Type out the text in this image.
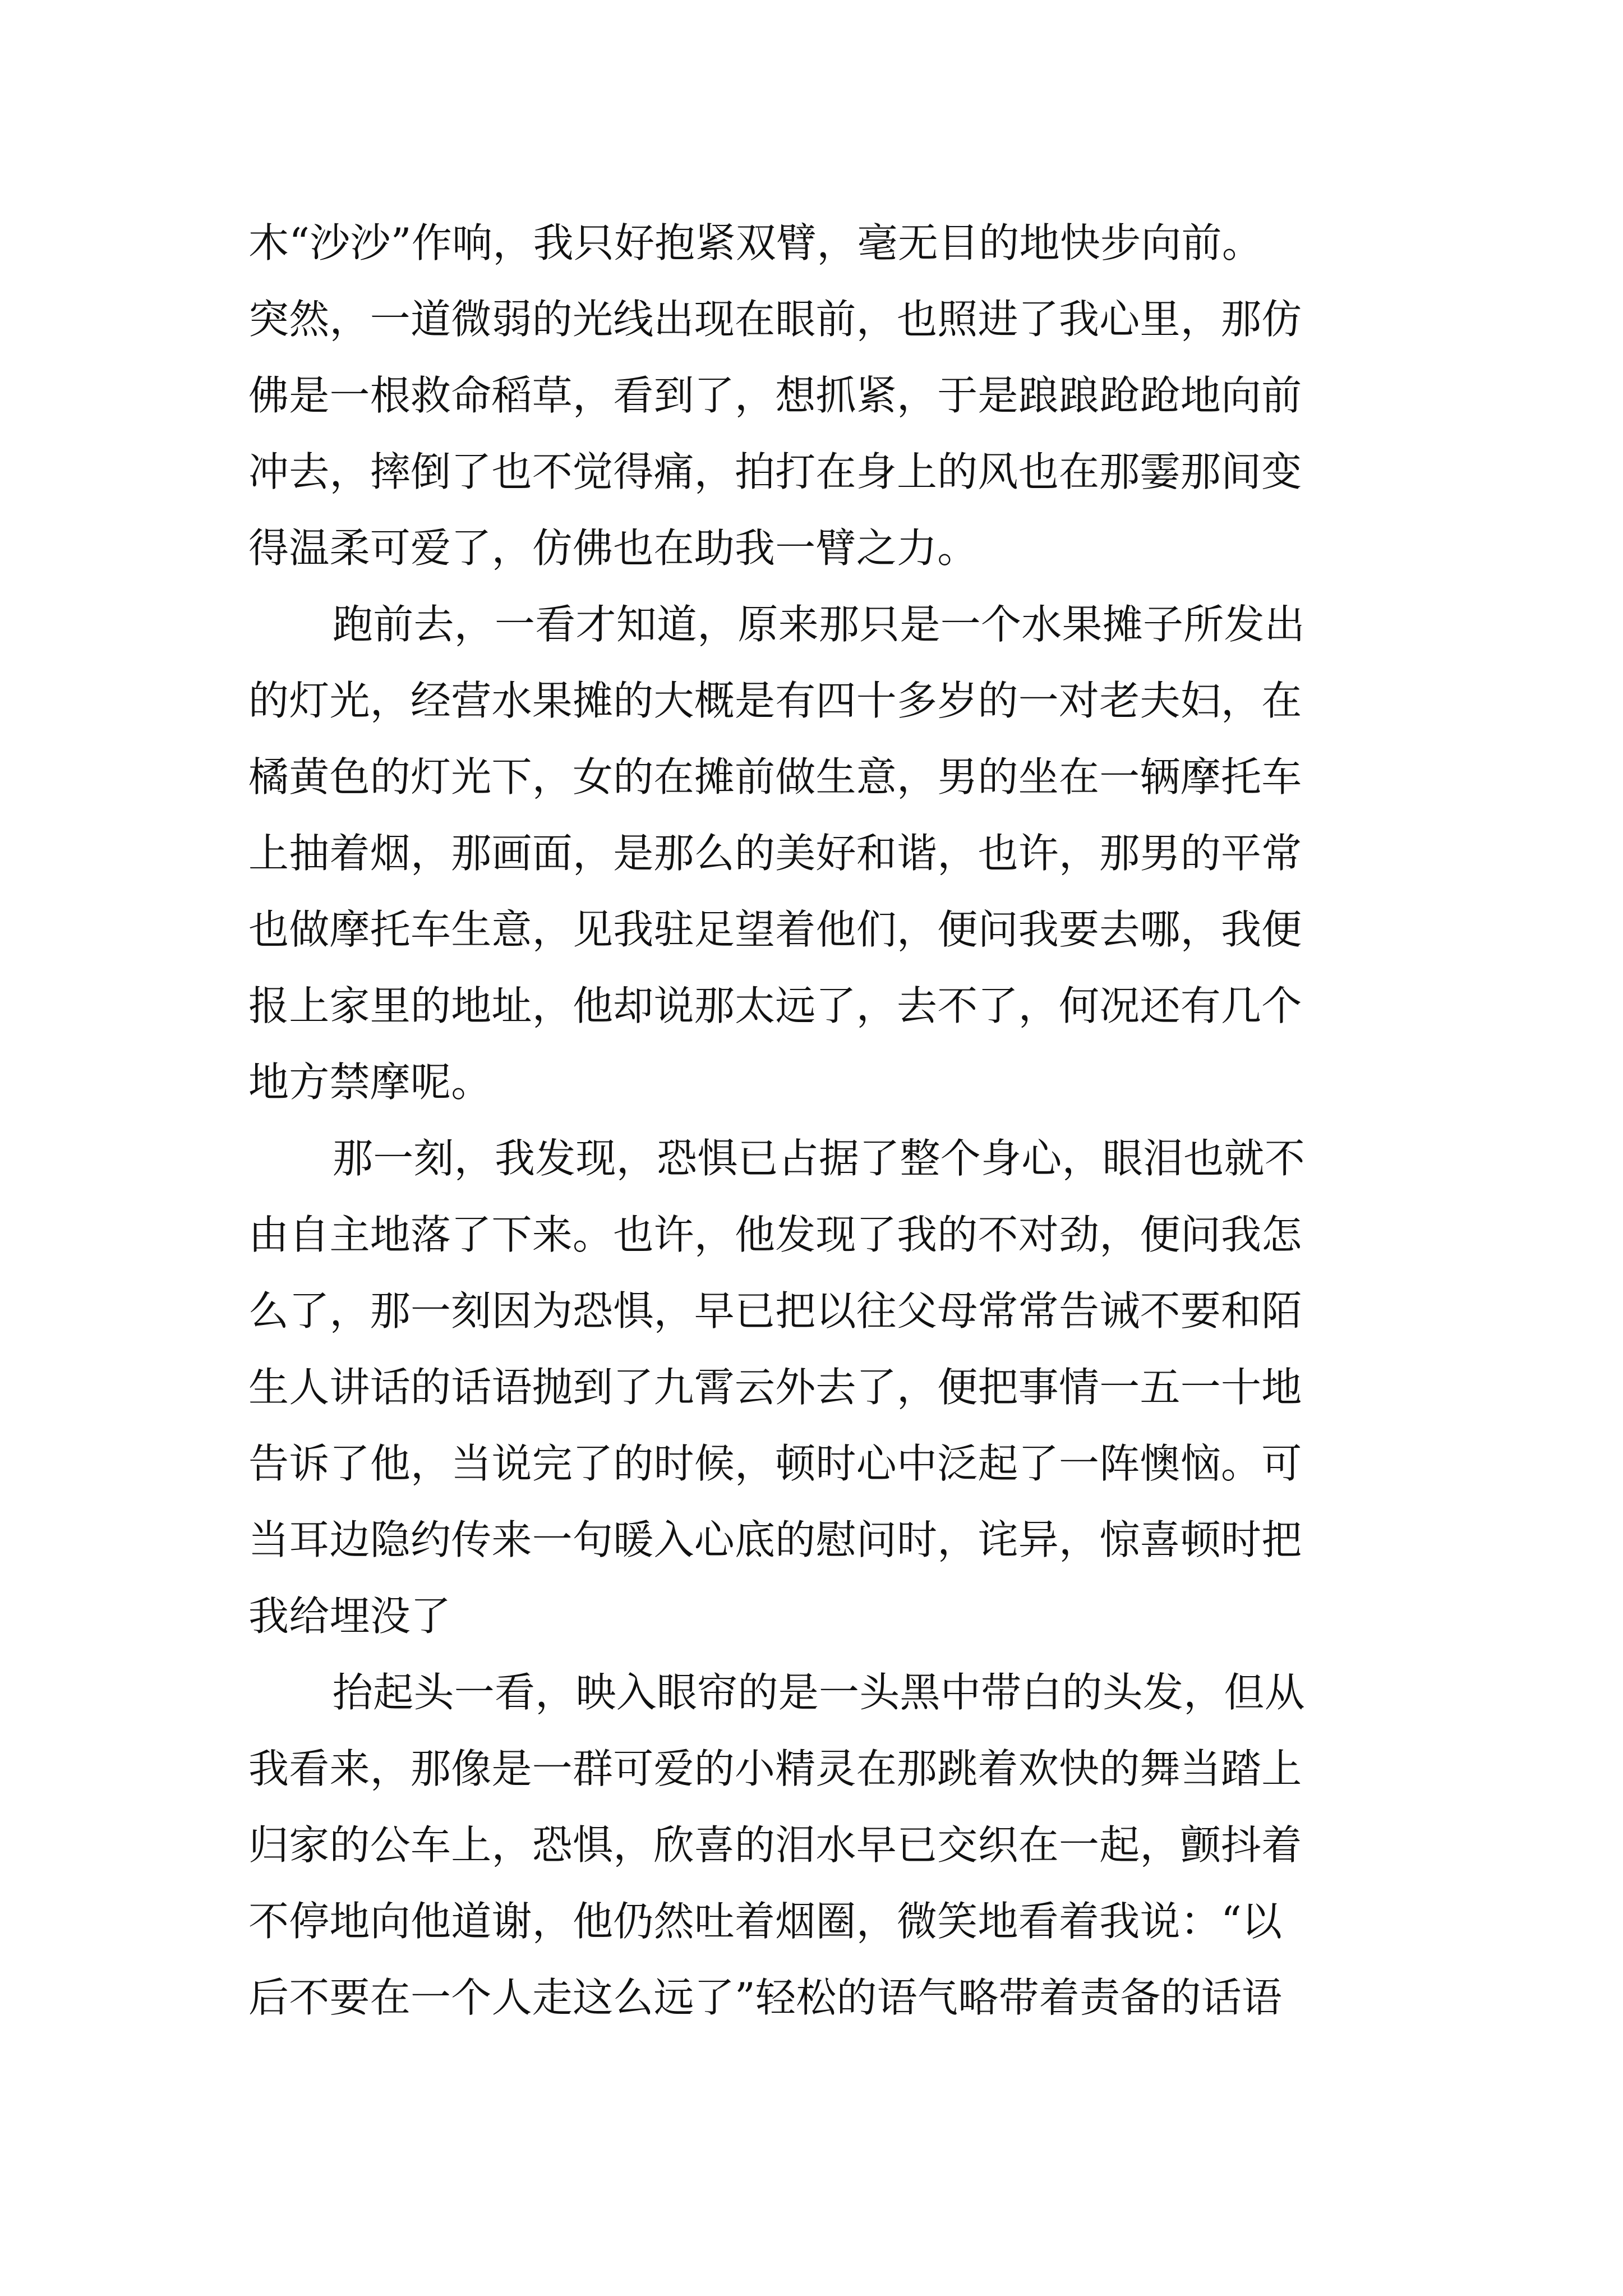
木“沙沙”作响，我只好抱紧双臂，毫无目的地快步向前。
突然，一道微弱的光线出现在眼前，也照进了我心里，那仿
佛是一根救命稻草，看到了，想抓紧，于是踉踉跄跄地向前
冲去，摔倒了也不觉得痛，拍打在身上的风也在那霎那间变
得温柔可爱了，仿佛也在助我一臂之力。
跑前去，一看才知道，原来那只是一个水果摊子所发出
的灯光，经营水果摊的大概是有四十多岁的一对老夫妇，在
橘黄色的灯光下，女的在摊前做生意，男的坐在一辆摩托车
上抽着烟，那画面，是那么的美好和谐，也许，那男的平常
也做摩托车生意，见我驻足望着他们，便问我要去哪，我便
报上家里的地址，他却说那太远了，去不了，何况还有几个
地方禁摩呢。
那一刻，我发现，恐惧已占据了整个身心，眼泪也就不
由自主地落了下来。也许，他发现了我的不对劲，便问我怎
么了，那一刻因为恐惧，早已把以往父母常常告诫不要和陌
生人讲话的话语抛到了九霄云外去了，便把事情一五一十地
告诉了他，当说完了的时候，顿时心中泛起了一阵懊恼。可
当耳边隐约传来一句暖入心底的慰问时，诧异，惊喜顿时把
我给埋没了
抬起头一看，映入眼帘的是一头黑中带白的头发，但从
我看来，那像是一群可爱的小精灵在那跳着欢快的舞当踏上
归家的公车上，恐惧，欣喜的泪水早已交织在一起，颤抖着
不停地向他道谢，他仍然吐着烟圈，微笑地看着我说：“以
后不要在一个人走这么远了”轻松的语气略带着责备的话语
